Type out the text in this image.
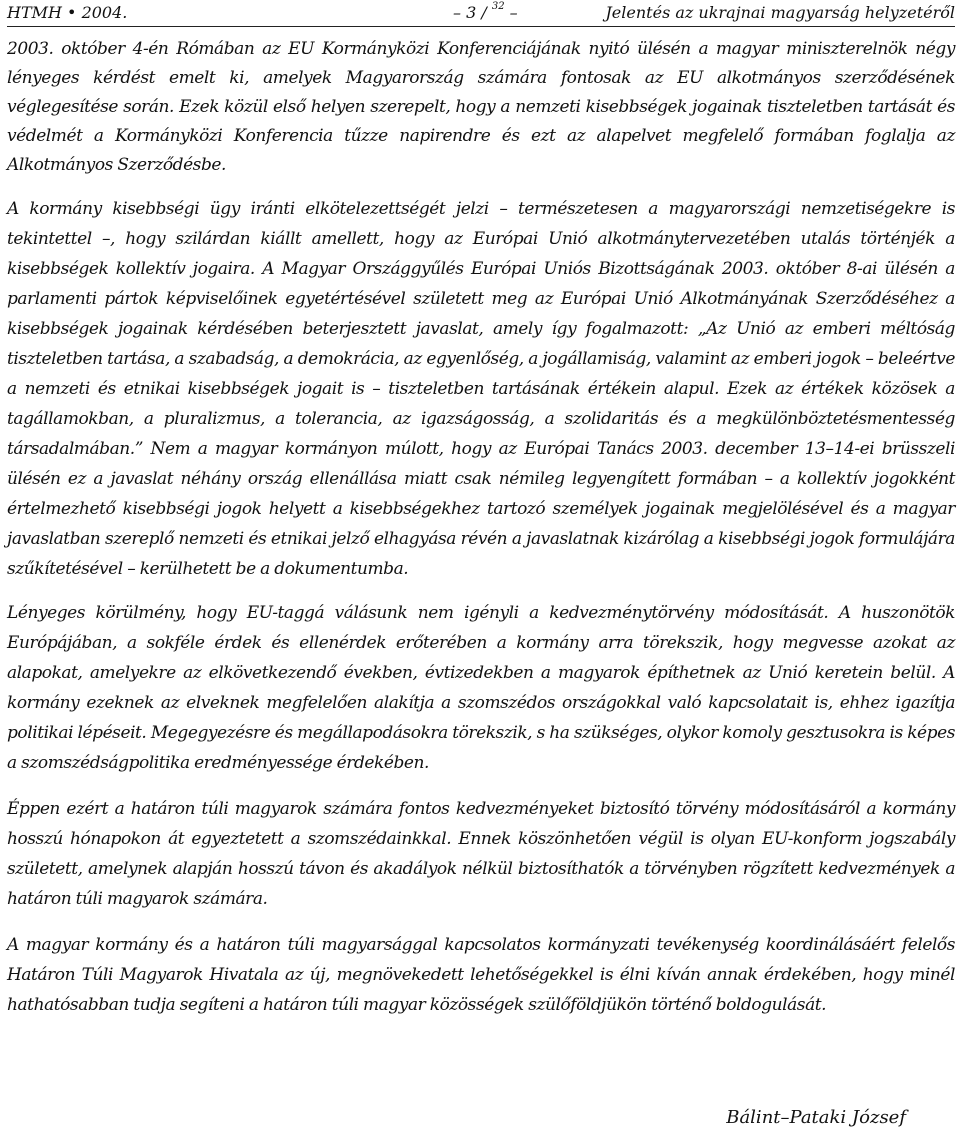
HTMH • 2004.	– 3 / $^{32}$ –	Jelentés az ukrajnai magyarság helyzetéről

2003. október 4-én Rómában az EU Kormányközi Konferenciájának nyitó ülésén a magyar miniszterelnök négy lényeges kérdést emelt ki, amelyek Magyarország számára fontosak az EU alkotmányos szerződésének véglegesítése során. Ezek közül első helyen szerepelt, hogy a nemzeti kisebbségek jogainak tiszteletben tartását és védelmét a Kormányközi Konferencia tűzze napirendre és ezt az alapelvet megfelelő formában foglalja az Alkotmányos Szerződésbe.

A kormány kisebbségi ügy iránti elkötelezettségét jelzi – természetesen a magyarországi nemzetiségekre is tekintettel –, hogy szilárdan kiállt amellett, hogy az Európai Unió alkotmánytervezetében utalás történjék a kisebbségek kollektív jogaira. A Magyar Országgyűlés Európai Uniós Bizottságának 2003. október 8-ai ülésén a parlamenti pártok képviselőinek egyetértésével született meg az Európai Unió Alkotmányának Szerződéséhez a kisebbségek jogainak kérdésében beterjesztett javaslat, amely így fogalmazott: „Az Unió az emberi méltóság tiszteletben tartása, a szabadság, a demokrácia, az egyenlőség, a jogállamiság, valamint az emberi jogok – beleértve a nemzeti és etnikai kisebbségek jogait is – tiszteletben tartásának értékein alapul. Ezek az értékek közösek a tagállamokban, a pluralizmus, a tolerancia, az igazságosság, a szolidaritás és a megkülönböztetésmentesség társadalmában.” Nem a magyar kormányon múlott, hogy az Európai Tanács 2003. december 13–14-ei brüsszeli ülésén ez a javaslat néhány ország ellenállása miatt csak némileg legyengített formában – a kollektív jogokként értelmezhető kisebbségi jogok helyett a kisebbségekhez tartozó személyek jogainak megjelölésével és a magyar javaslatban szereplő nemzeti és etnikai jelző elhagyása révén a javaslatnak kizárólag a kisebbségi jogok formulájára szűkítetésével – kerülhetett be a dokumentumba.

Lényeges körülmény, hogy EU-taggá válásunk nem igényli a kedvezménytörvény módosítását. A huszonötök Európájában, a sokféle érdek és ellenérdek erőterében a kormány arra törekszik, hogy megvesse azokat az alapokat, amelyekre az elkövetkezendő években, évtizedekben a magyarok építhetnek az Unió keretein belül. A kormány ezeknek az elveknek megfelelően alakítja a szomszédos országokkal való kapcsolatait is, ehhez igazítja politikai lépéseit. Megegyezésre és megállapodásokra törekszik, s ha szükséges, olykor komoly gesztusokra is képes a szomszédságpolitika eredményessége érdekében.

Éppen ezért a határon túli magyarok számára fontos kedvezményeket biztosító törvény módosításáról a kormány hosszú hónapokon át egyeztetett a szomszédainkkal. Ennek köszönhetően végül is olyan EU-konform jogszabály született, amelynek alapján hosszú távon és akadályok nélkül biztosíthatók a törvényben rögzített kedvezmények a határon túli magyarok számára.

A magyar kormány és a határon túli magyarsággal kapcsolatos kormányzati tevékenység koordinálásáért felelős Határon Túli Magyarok Hivatala az új, megnövekedett lehetőségekkel is élni kíván annak érdekében, hogy minél hathatósabban tudja segíteni a határon túli magyar közösségek szülőföldjükön történő boldogulását.

Bálint–Pataki József
